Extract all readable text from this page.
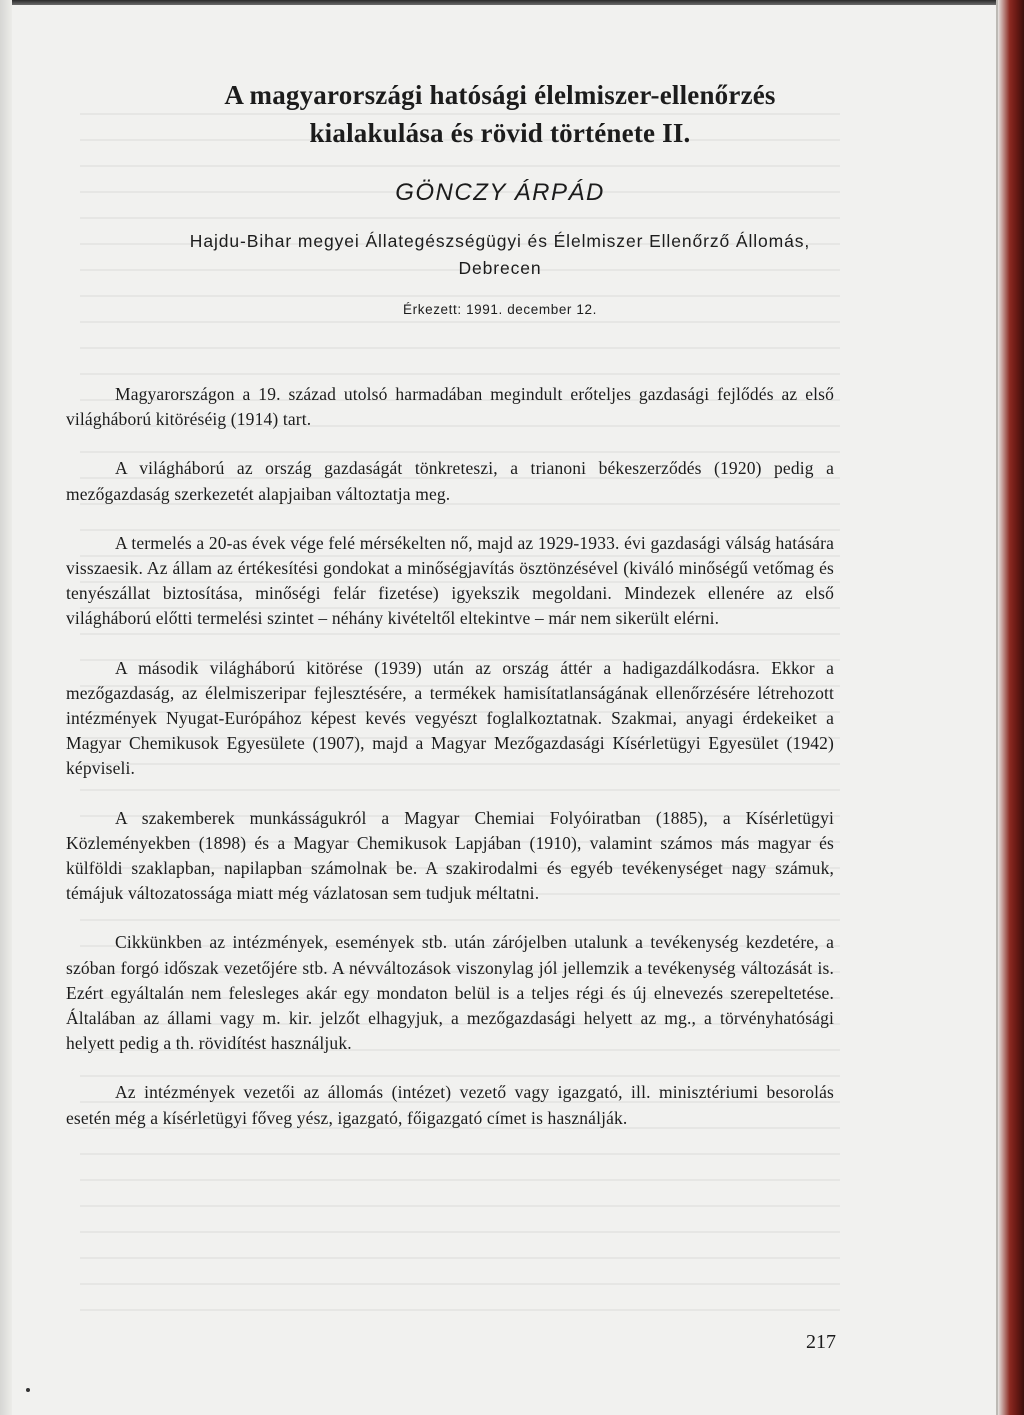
A magyarországi hatósági élelmiszer-ellenőrzés
kialakulása és rövid története II.
GÖNCZY ÁRPÁD
Hajdu-Bihar megyei Állategészségügyi és Élelmiszer Ellenőrző Állomás,
Debrecen
Érkezett: 1991. december 12.

Magyarországon a 19. század utolsó harmadában megindult erőteljes gazdasági fejlődés az első világháború kitöréséig (1914) tart.

A világháború az ország gazdaságát tönkreteszi, a trianoni békeszerződés (1920) pedig a mezőgazdaság szerkezetét alapjaiban változtatja meg.

A termelés a 20-as évek vége felé mérsékelten nő, majd az 1929-1933. évi gazdasági válság hatására visszaesik. Az állam az értékesítési gondokat a minőségjavítás ösztönzésével (kiváló minőségű vetőmag és tenyészállat biztosítása, minőségi felár fizetése) igyekszik megoldani. Mindezek ellenére az első világháború előtti termelési szintet – néhány kivételtől eltekintve – már nem sikerült elérni.

A második világháború kitörése (1939) után az ország áttér a hadigazdálkodásra. Ekkor a mezőgazdaság, az élelmiszeripar fejlesztésére, a termékek hamisítatlanságának ellenőrzésére létrehozott intézmények Nyugat-Európához képest kevés vegyészt foglalkoztatnak. Szakmai, anyagi érdekeiket a Magyar Chemikusok Egyesülete (1907), majd a Magyar Mezőgazdasági Kísérletügyi Egyesület (1942) képviseli.

A szakemberek munkásságukról a Magyar Chemiai Folyóiratban (1885), a Kísérletügyi Közleményekben (1898) és a Magyar Chemikusok Lapjában (1910), valamint számos más magyar és külföldi szaklapban, napilapban számolnak be. A szakirodalmi és egyéb tevékenységet nagy számuk, témájuk változatossága miatt még vázlatosan sem tudjuk méltatni.

Cikkünkben az intézmények, események stb. után zárójelben utalunk a tevékenység kezdetére, a szóban forgó időszak vezetőjére stb. A névváltozások viszonylag jól jellemzik a tevékenység változását is. Ezért egyáltalán nem felesleges akár egy mondaton belül is a teljes régi és új elnevezés szerepeltetése. Általában az állami vagy m. kir. jelzőt elhagyjuk, a mezőgazdasági helyett az mg., a törvényhatósági helyett pedig a th. rövidítést használjuk.

Az intézmények vezetői az állomás (intézet) vezető vagy igazgató, ill. minisztériumi besorolás esetén még a kísérletügyi főveg yész, igazgató, főigazgató címet is használják.

217
